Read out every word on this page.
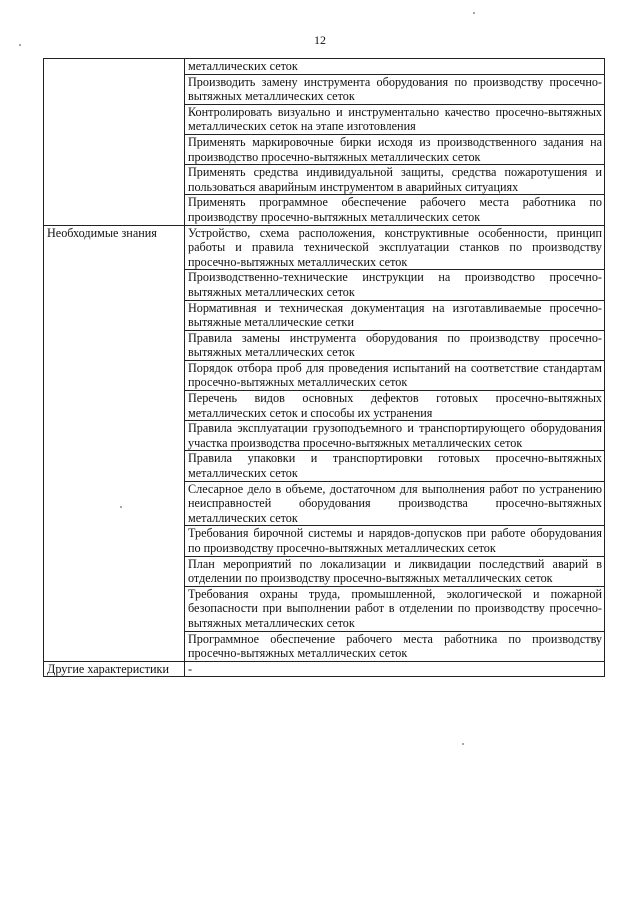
12

	металлических сеток

	Производить замену инструмента оборудования по производству просечно-вытяжных металлических сеток

	Контролировать визуально и инструментально качество просечно-вытяжных металлических сеток на этапе изготовления

	Применять маркировочные бирки исходя из производственного задания на производство просечно-вытяжных металлических сеток

	Применять средства индивидуальной защиты, средства пожаротушения и пользоваться аварийным инструментом в аварийных ситуациях

	Применять программное обеспечение рабочего места работника по производству просечно-вытяжных металлических сеток

Необходимые знания	Устройство, схема расположения, конструктивные особенности, принцип работы и правила технической эксплуатации станков по производству просечно-вытяжных металлических сеток

	Производственно-технические инструкции на производство просечно-вытяжных металлических сеток

	Нормативная и техническая документация на изготавливаемые просечно-вытяжные металлические сетки

	Правила замены инструмента оборудования по производству просечно-вытяжных металлических сеток

	Порядок отбора проб для проведения испытаний на соответствие стандартам просечно-вытяжных металлических сеток

	Перечень видов основных дефектов готовых просечно-вытяжных металлических сеток и способы их устранения

	Правила эксплуатации грузоподъемного и транспортирующего оборудования участка производства просечно-вытяжных металлических сеток

	Правила упаковки и транспортировки готовых просечно-вытяжных металлических сеток

	Слесарное дело в объеме, достаточном для выполнения работ по устранению неисправностей оборудования производства просечно-вытяжных металлических сеток

	Требования бирочной системы и нарядов-допусков при работе оборудования по производству просечно-вытяжных металлических сеток

	План мероприятий по локализации и ликвидации последствий аварий в отделении по производству просечно-вытяжных металлических сеток

	Требования охраны труда, промышленной, экологической и пожарной безопасности при выполнении работ в отделении по производству просечно-вытяжных металлических сеток

	Программное обеспечение рабочего места работника по производству просечно-вытяжных металлических сеток

Другие характеристики	-
